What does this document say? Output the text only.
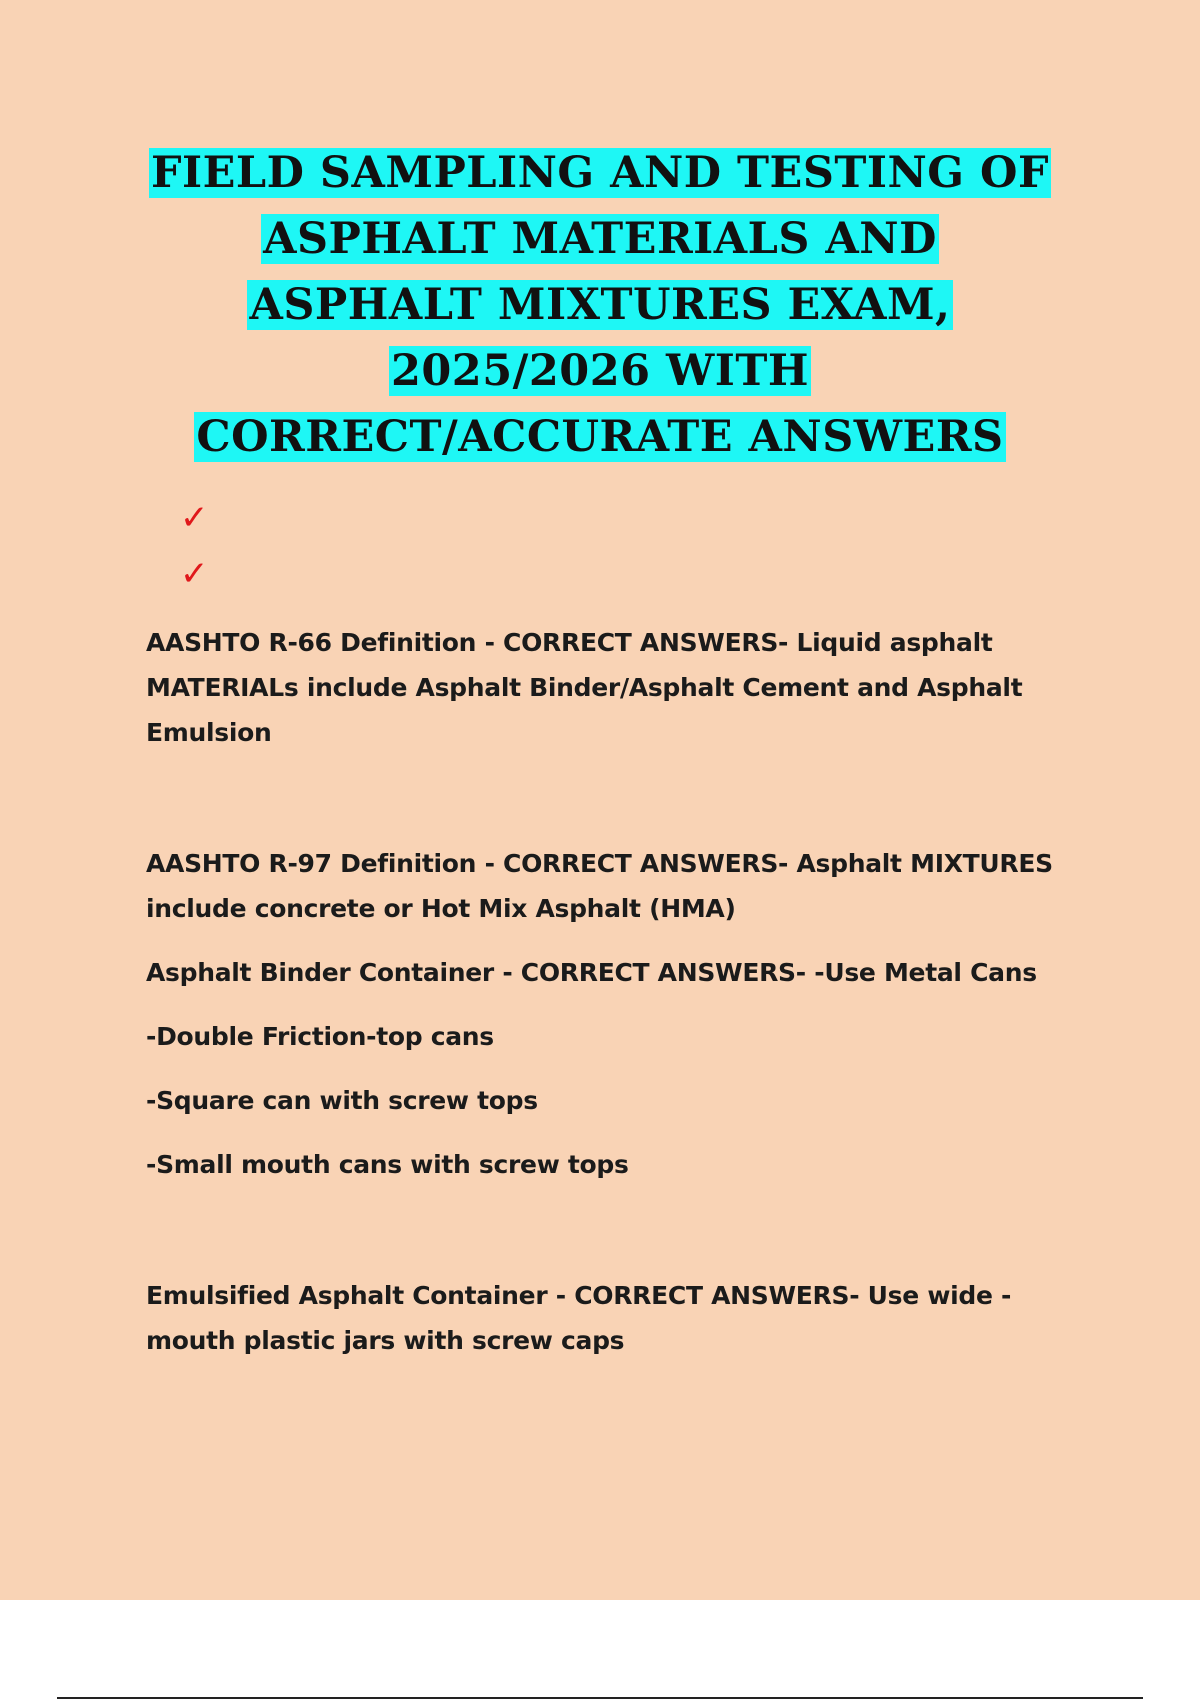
FIELD SAMPLING AND TESTING OF
ASPHALT MATERIALS AND
ASPHALT MIXTURES EXAM,
2025/2026 WITH
CORRECT/ACCURATE ANSWERS
✓
✓

AASHTO R-66 Definition - CORRECT ANSWERS- Liquid asphalt MATERIALs include Asphalt Binder/Asphalt Cement and Asphalt Emulsion

AASHTO R-97 Definition - CORRECT ANSWERS- Asphalt MIXTURES include concrete or Hot Mix Asphalt (HMA)

Asphalt Binder Container - CORRECT ANSWERS- -Use Metal Cans

-Double Friction-top cans

-Square can with screw tops

-Small mouth cans with screw tops

Emulsified Asphalt Container - CORRECT ANSWERS- Use wide - mouth plastic jars with screw caps
